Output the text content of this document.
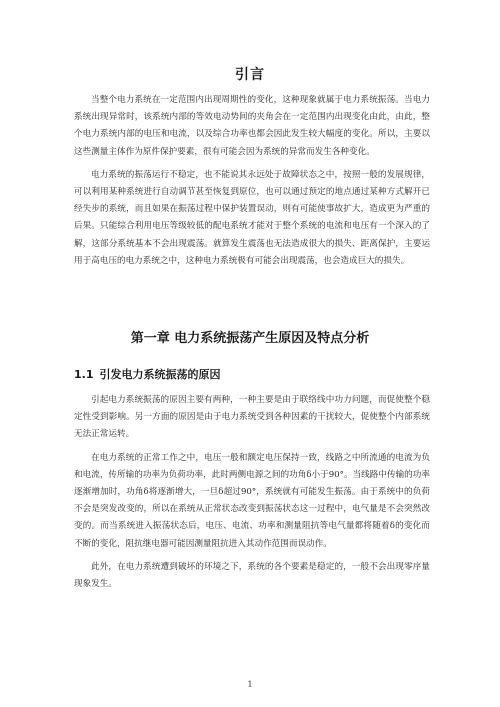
引言

当整个电力系统在一定范围内出现周期性的变化，这种现象就属于电力系统振荡。当电力系统出现异常时，该系统内部的等效电动势间的夹角会在一定范围内出现变化由此，由此，整个电力系统内部的电压和电流，以及综合功率也都会因此发生较大幅度的变化。所以，主要以这些测量主体作为原件保护要素，很有可能会因为系统的异常而发生各种变化。

电力系统的振荡运行不稳定，也不能说其永远处于故障状态之中，按照一般的发展规律，可以利用某种系统进行自动调节甚至恢复到原位，也可以通过预定的地点通过某种方式解开已经失步的系统，而且如果在振荡过程中保护装置误动，则有可能使事故扩大，造成更为严重的后果。只能综合利用电压等级较低的配电系统才能对于整个系统的电流和电压有一个深入的了解，这部分系统基本不会出现震荡。就算发生震荡也无法造成很大的损失、距离保护，主要运用于高电压的电力系统之中，这种电力系统极有可能会出现震荡，也会造成巨大的损失。

第一章 电力系统振荡产生原因及特点分析
1.1 引发电力系统振荡的原因

引起电力系统振荡的原因主要有两种，一种主要是由于联络线中功力问题，而促使整个稳定性受到影响。另一方面的原因是由于电力系统受到各种因素的干扰较大，促使整个内部系统无法正常运转。

在电力系统的正常工作之中，电压一般和额定电压保持一致，线路之中所流通的电流为负和电流，传所输的功率为负荷功率，此时两侧电源之间的功角δ小于90°。当线路中传输的功率逐渐增加时，功角δ将逐渐增大，一旦δ超过90°，系统就有可能发生振荡。由于系统中的负荷不会是突发改变的，所以在系统从正常状态改变到振荡状态这一过程中，电气量是不会突然改变的。而当系统进入振荡状态后，电压、电流、功率和测量阻抗等电气量都将随着δ的变化而不断的变化，阻抗继电器可能因测量阻抗进入其动作范围而误动作。

此外，在电力系统遭到破坏的环境之下，系统的各个要素是稳定的，一般不会出现零序量现象发生。

1
